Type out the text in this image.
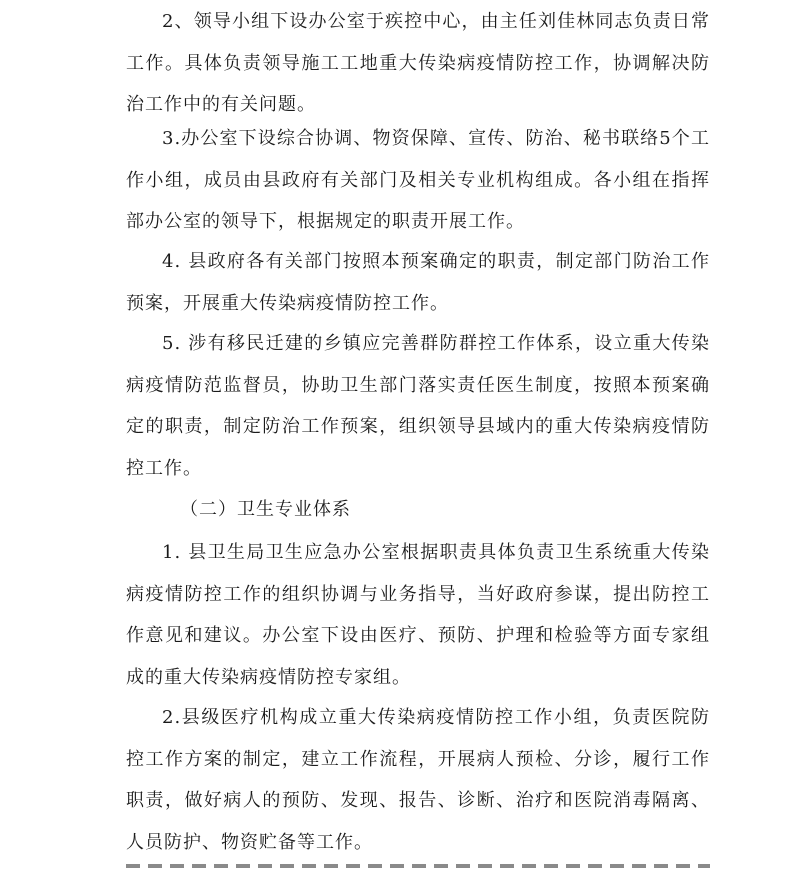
2、领导小组下设办公室于疾控中心，由主任刘佳林同志负责日常工作。具体负责领导施工工地重大传染病疫情防控工作，协调解决防治工作中的有关问题。

3.办公室下设综合协调、物资保障、宣传、防治、秘书联络5个工作小组，成员由县政府有关部门及相关专业机构组成。各小组在指挥部办公室的领导下，根据规定的职责开展工作。

4. 县政府各有关部门按照本预案确定的职责，制定部门防治工作预案，开展重大传染病疫情防控工作。

5. 涉有移民迁建的乡镇应完善群防群控工作体系，设立重大传染病疫情防范监督员，协助卫生部门落实责任医生制度，按照本预案确定的职责，制定防治工作预案，组织领导县域内的重大传染病疫情防控工作。

（二）卫生专业体系

1. 县卫生局卫生应急办公室根据职责具体负责卫生系统重大传染病疫情防控工作的组织协调与业务指导，当好政府参谋，提出防控工作意见和建议。办公室下设由医疗、预防、护理和检验等方面专家组成的重大传染病疫情防控专家组。

2.县级医疗机构成立重大传染病疫情防控工作小组，负责医院防控工作方案的制定，建立工作流程，开展病人预检、分诊，履行工作职责，做好病人的预防、发现、报告、诊断、治疗和医院消毒隔离、人员防护、物资贮备等工作。
